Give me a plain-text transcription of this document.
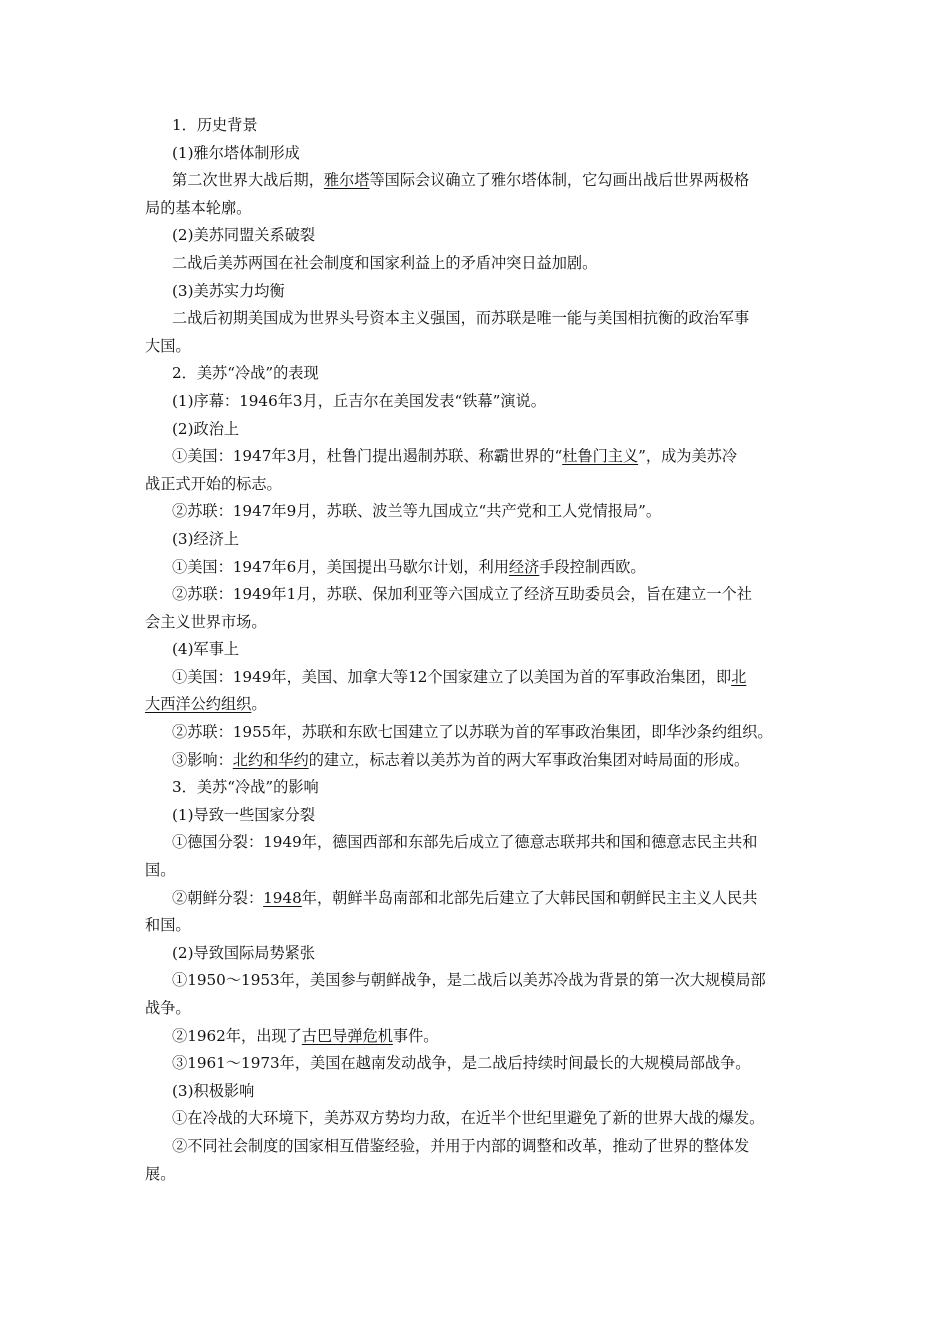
1．历史背景
(1)雅尔塔体制形成
第二次世界大战后期，雅尔塔等国际会议确立了雅尔塔体制，它勾画出战后世界两极格
局的基本轮廓。
(2)美苏同盟关系破裂
二战后美苏两国在社会制度和国家利益上的矛盾冲突日益加剧。
(3)美苏实力均衡
二战后初期美国成为世界头号资本主义强国，而苏联是唯一能与美国相抗衡的政治军事
大国。
2．美苏“冷战”的表现
(1)序幕：1946年3月，丘吉尔在美国发表“铁幕”演说。
(2)政治上
①美国：1947年3月，杜鲁门提出遏制苏联、称霸世界的“杜鲁门主义”，成为美苏冷
战正式开始的标志。
②苏联：1947年9月，苏联、波兰等九国成立“共产党和工人党情报局”。
(3)经济上
①美国：1947年6月，美国提出马歇尔计划，利用经济手段控制西欧。
②苏联：1949年1月，苏联、保加利亚等六国成立了经济互助委员会，旨在建立一个社
会主义世界市场。
(4)军事上
①美国：1949年，美国、加拿大等12个国家建立了以美国为首的军事政治集团，即北
大西洋公约组织。
②苏联：1955年，苏联和东欧七国建立了以苏联为首的军事政治集团，即华沙条约组织。
③影响：北约和华约的建立，标志着以美苏为首的两大军事政治集团对峙局面的形成。
3．美苏“冷战”的影响
(1)导致一些国家分裂
①德国分裂：1949年，德国西部和东部先后成立了德意志联邦共和国和德意志民主共和
国。
②朝鲜分裂：1948年，朝鲜半岛南部和北部先后建立了大韩民国和朝鲜民主主义人民共
和国。
(2)导致国际局势紧张
①1950～1953年，美国参与朝鲜战争，是二战后以美苏冷战为背景的第一次大规模局部
战争。
②1962年，出现了古巴导弹危机事件。
③1961～1973年，美国在越南发动战争，是二战后持续时间最长的大规模局部战争。
(3)积极影响
①在冷战的大环境下，美苏双方势均力敌，在近半个世纪里避免了新的世界大战的爆发。
②不同社会制度的国家相互借鉴经验，并用于内部的调整和改革，推动了世界的整体发
展。
